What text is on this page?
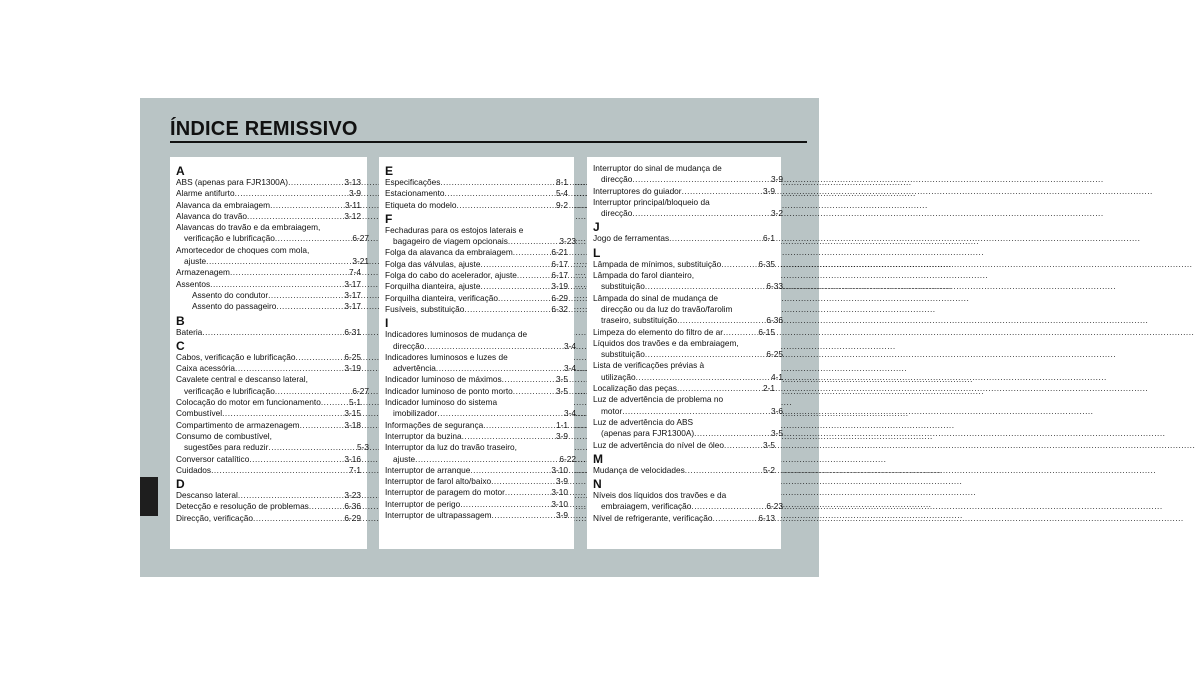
ÍNDICE REMISSIVO
A
ABS (apenas para FJR1300A) .....	3-13
Alarme antifurto .....	3-9
Alavanca da embraiagem .....	3-11
Alavanca do travão .....	3-12
Alavancas do travão e da embraiagem,
verificação e lubrificação .....	6-27
Amortecedor de choques com mola,
ajuste .....	3-21
Armazenagem .....	7-4
Assentos .....	3-17
Assento do condutor .....	3-17
Assento do passageiro .....	3-17
B
Bateria .....	6-31
C
Cabos, verificação e lubrificação .....	6-25
Caixa acessória .....	3-19
Cavalete central e descanso lateral,
verificação e lubrificação .....	6-27
Colocação do motor em funcionamento .....	5-1
Combustível .....	3-15
Compartimento de armazenagem .....	3-18
Consumo de combustível,
sugestões para reduzir .....	5-3
Conversor catalítico .....	3-16
Cuidados .....	7-1
D
Descanso lateral .....	3-23
Detecção e resolução de problemas .....	6-36
Direcção, verificação .....	6-29
E
Especificações .....	8-1
Estacionamento .....	5-4
Etiqueta do modelo .....	9-2
F
Fechaduras para os estojos laterais e
bagageiro de viagem opcionais .....	3-23
Folga da alavanca da embraiagem .....	6-21
Folga das válvulas, ajuste .....	6-17
Folga do cabo do acelerador, ajuste .....	6-17
Forquilha dianteira, ajuste .....	3-19
Forquilha dianteira, verificação .....	6-29
Fusíveis, substituição .....	6-32
I
Indicadores luminosos de mudança de
direcção .....	3-4
Indicadores luminosos e luzes de
advertência .....	3-4
Indicador luminoso de máximos .....	3-5
Indicador luminoso de ponto morto .....	3-5
Indicador luminoso do sistema
imobilizador .....	3-4
Informações de segurança .....	1-1
Interruptor da buzina .....	3-9
Interruptor da luz do travão traseiro,
ajuste .....	6-22
Interruptor de arranque .....	3-10
Interruptor de farol alto/baixo .....	3-9
Interruptor de paragem do motor .....	3-10
Interruptor de perigo .....	3-10
Interruptor de ultrapassagem .....	3-9
Interruptor do sinal de mudança de
direcção .....	3-9
Interruptores do guiador .....	3-9
Interruptor principal/bloqueio da
direcção .....	3-2
J
Jogo de ferramentas .....	6-1
L
Lâmpada de mínimos, substituição .....	6-35
Lâmpada do farol dianteiro,
substituição .....	6-33
Lâmpada do sinal de mudança de
direcção ou da luz do travão/farolim
traseiro, substituição .....	6-36
Limpeza do elemento do filtro de ar .....	6-15
Líquidos dos travões e da embraiagem,
substituição .....	6-25
Lista de verificações prévias à
utilização .....	4-1
Localização das peças .....	2-1
Luz de advertência de problema no
motor .....	3-6
Luz de advertência do ABS
(apenas para FJR1300A) .....	3-5
Luz de advertência do nível de óleo .....	3-5
M
Mudança de velocidades .....	5-2
N
Níveis dos líquidos dos travões e da
embraiagem, verificação .....	6-23
Nível de refrigerante, verificação .....	6-13
